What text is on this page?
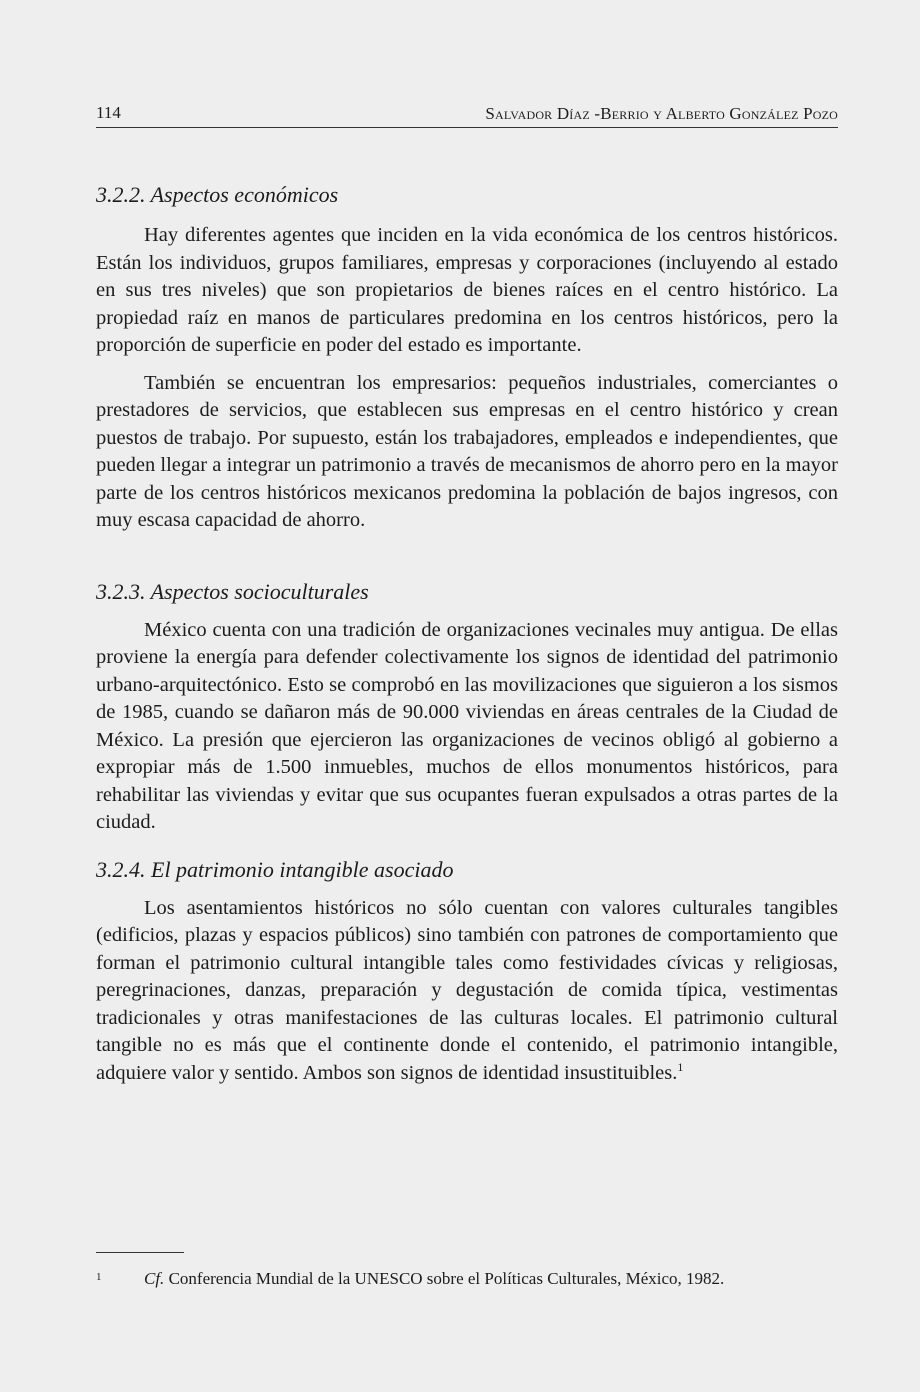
114	Salvador Díaz -Berrio y Alberto González Pozo
3.2.2. Aspectos económicos

Hay diferentes agentes que inciden en la vida económica de los centros históricos. Están los individuos, grupos familiares, empresas y corporaciones (incluyendo al estado en sus tres niveles) que son propietarios de bienes raíces en el centro histórico. La propiedad raíz en manos de particulares predomina en los centros históricos, pero la proporción de superficie en poder del estado es importante.

También se encuentran los empresarios: pequeños industriales, comerciantes o prestadores de servicios, que establecen sus empresas en el centro histórico y crean puestos de trabajo. Por supuesto, están los trabajadores, empleados e independientes, que pueden llegar a integrar un patrimonio a través de mecanismos de ahorro pero en la mayor parte de los centros históricos mexicanos predomina la población de bajos ingresos, con muy escasa capacidad de ahorro.

3.2.3. Aspectos socioculturales

México cuenta con una tradición de organizaciones vecinales muy antigua. De ellas proviene la energía para defender colectivamente los signos de identidad del patrimonio urbano-arquitectónico. Esto se comprobó en las movilizaciones que siguieron a los sismos de 1985, cuando se dañaron más de 90.000 viviendas en áreas centrales de la Ciudad de México. La presión que ejercieron las organizaciones de vecinos obligó al gobierno a expropiar más de 1.500 inmuebles, muchos de ellos monumentos históricos, para rehabilitar las viviendas y evitar que sus ocupantes fueran expulsados a otras partes de la ciudad.

3.2.4. El patrimonio intangible asociado

Los asentamientos históricos no sólo cuentan con valores culturales tangibles (edificios, plazas y espacios públicos) sino también con patrones de comportamiento que forman el patrimonio cultural intangible tales como festividades cívicas y religiosas, peregrinaciones, danzas, preparación y degustación de comida típica, vestimentas tradicionales y otras manifestaciones de las culturas locales. El patrimonio cultural tangible no es más que el continente donde el contenido, el patrimonio intangible, adquiere valor y sentido. Ambos son signos de identidad insustituibles.$^1$

1	Cf. Conferencia Mundial de la UNESCO sobre el Políticas Culturales, México, 1982.
